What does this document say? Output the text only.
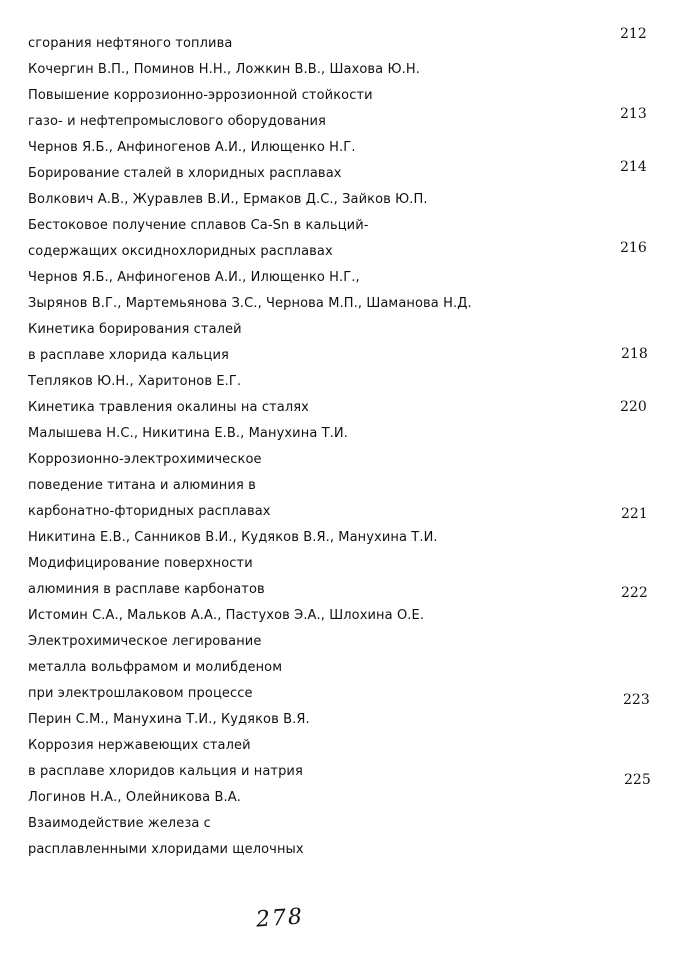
сгорания нефтяного топлива
Кочергин В.П., Поминов Н.Н., Ложкин В.В., Шахова Ю.Н.
Повышение коррозионно-эррозионной стойкости
газо- и нефтепромыслового оборудования
Чернов Я.Б., Анфиногенов А.И., Илющенко Н.Г.
Борирование сталей в хлоридных расплавах
Волкович А.В., Журавлев В.И., Ермаков Д.С., Зайков Ю.П.
Бестоковое получение сплавов Ca-Sn в кальций-
содержащих оксиднохлоридных расплавах
Чернов Я.Б., Анфиногенов А.И., Илющенко Н.Г.,
Зырянов В.Г., Мартемьянова З.С., Чернова М.П., Шаманова Н.Д.
Кинетика борирования сталей
в расплаве хлорида кальция
Тепляков Ю.Н., Харитонов Е.Г.
Кинетика травления окалины на сталях
Малышева Н.С., Никитина Е.В., Манухина Т.И.
Коррозионно-электрохимическое
поведение титана и алюминия в
карбонатно-фторидных расплавах
Никитина Е.В., Санников В.И., Кудяков В.Я., Манухина Т.И.
Модифицирование поверхности
алюминия в расплаве карбонатов
Истомин С.А., Мальков А.А., Пастухов Э.А., Шлохина О.Е.
Электрохимическое легирование
металла вольфрамом и молибденом
при электрошлаковом процессе
Перин С.М., Манухина Т.И., Кудяков В.Я.
Коррозия нержавеющих сталей
в расплаве хлоридов кальция и натрия
Логинов Н.А., Олейникова В.А.
Взаимодействие железа с
расплавленными хлоридами щелочных
212
213
214
216
218
220
221
222
223
225
278
